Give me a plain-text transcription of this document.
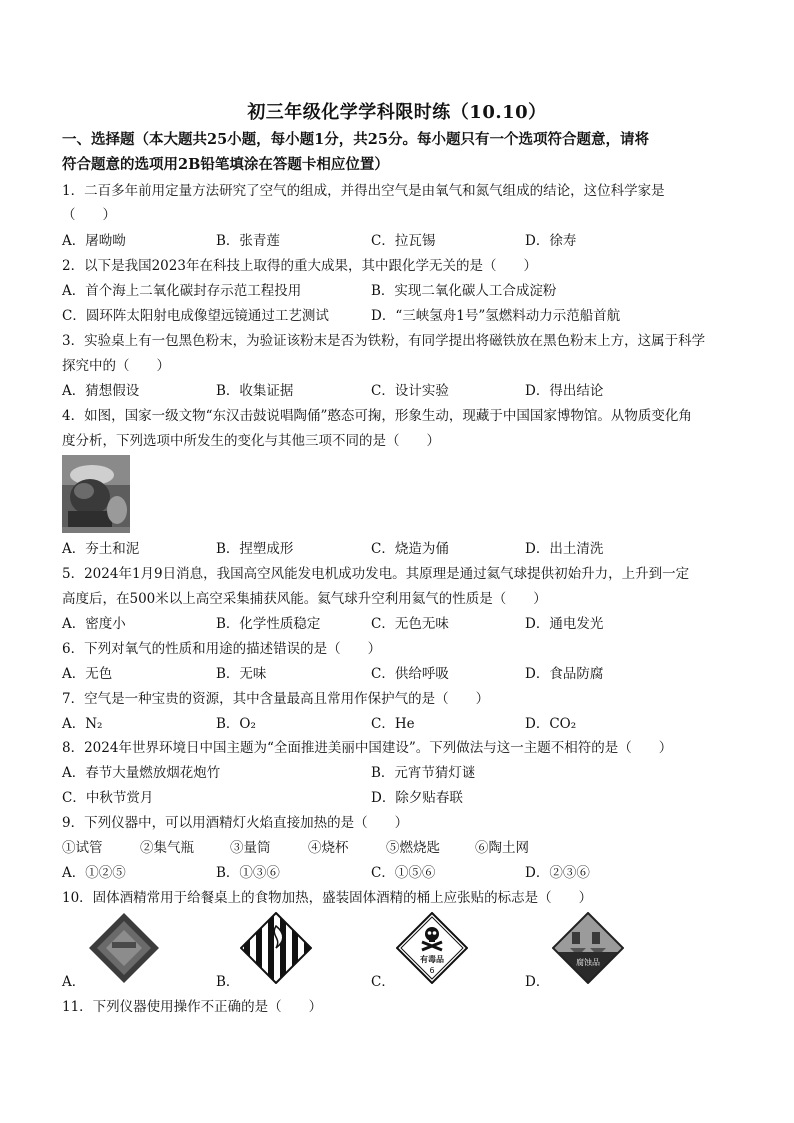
初三年级化学学科限时练（10.10）
一、选择题（本大题共25小题，每小题1分，共25分。每小题只有一个选项符合题意，请将
符合题意的选项用2B铅笔填涂在答题卡相应位置）
1．二百多年前用定量方法研究了空气的组成，并得出空气是由氧气和氮气组成的结论，这位科学家是
（　　）
A．屠呦呦	B．张青莲	C．拉瓦锡	D．徐寿
2．以下是我国2023年在科技上取得的重大成果，其中跟化学无关的是（　　）
A．首个海上二氧化碳封存示范工程投用	B．实现二氧化碳人工合成淀粉
C．圆环阵太阳射电成像望远镜通过工艺测试	D．“三峡氢舟1号”氢燃料动力示范船首航
3．实验桌上有一包黑色粉末，为验证该粉末是否为铁粉，有同学提出将磁铁放在黑色粉末上方，这属于科学
探究中的（　　）
A．猜想假设	B．收集证据	C．设计实验	D．得出结论
4．如图，国家一级文物“东汉击鼓说唱陶俑”憨态可掬，形象生动，现藏于中国国家博物馆。从物质变化角
度分析，下列选项中所发生的变化与其他三项不同的是（　　）
A．夯土和泥	B．捏塑成形	C．烧造为俑	D．出土清洗
5．2024年1月9日消息，我国高空风能发电机成功发电。其原理是通过氦气球提供初始升力，上升到一定
高度后，在500米以上高空采集捕获风能。氦气球升空利用氦气的性质是（　　）
A．密度小	B．化学性质稳定	C．无色无味	D．通电发光
6．下列对氧气的性质和用途的描述错误的是（　　）
A．无色	B．无味	C．供给呼吸	D．食品防腐
7．空气是一种宝贵的资源，其中含量最高且常用作保护气的是（　　）
A．N₂	B．O₂	C．He	D．CO₂
8．2024年世界环境日中国主题为“全面推进美丽中国建设”。下列做法与这一主题不相符的是（　　）
A．春节大量燃放烟花炮竹	B．元宵节猜灯谜
C．中秋节赏月	D．除夕贴春联
9．下列仪器中，可以用酒精灯火焰直接加热的是（　　）
①试管	②集气瓶	③量筒	④烧杯	⑤燃烧匙	⑥陶土网
A．①②⑤	B．①③⑥	C．①⑤⑥	D．②③⑥
10．固体酒精常用于给餐桌上的食物加热，盛装固体酒精的桶上应张贴的标志是（　　）
有毒品
6
腐蚀品
A．	B．	C．	D．
11．下列仪器使用操作不正确的是（　　）
